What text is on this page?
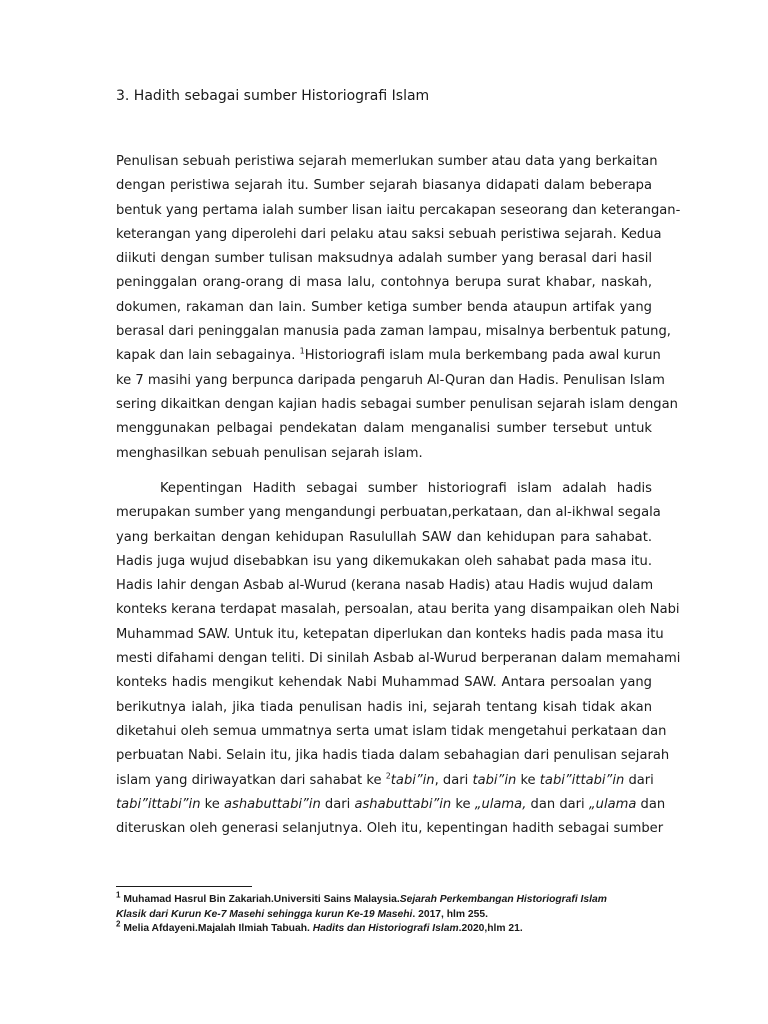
3. Hadith sebagai sumber Historiografi Islam
Penulisan sebuah peristiwa sejarah memerlukan sumber atau data yang berkaitan
dengan peristiwa sejarah itu. Sumber sejarah biasanya didapati dalam beberapa
bentuk yang pertama ialah sumber lisan iaitu percakapan seseorang dan keterangan-
keterangan yang diperolehi dari pelaku atau saksi sebuah peristiwa sejarah. Kedua
diikuti dengan sumber tulisan maksudnya adalah sumber yang berasal dari hasil
peninggalan orang-orang di masa lalu, contohnya berupa surat khabar, naskah,
dokumen, rakaman dan lain. Sumber ketiga sumber benda ataupun artifak yang
berasal dari peninggalan manusia pada zaman lampau, misalnya berbentuk patung,
kapak dan lain sebagainya. $^1$Historiografi islam mula berkembang pada awal kurun
ke 7 masihi yang berpunca daripada pengaruh Al-Quran dan Hadis. Penulisan Islam
sering dikaitkan dengan kajian hadis sebagai sumber penulisan sejarah islam dengan
menggunakan pelbagai pendekatan dalam menganalisi sumber tersebut untuk
menghasilkan sebuah penulisan sejarah islam.
Kepentingan Hadith sebagai sumber historiografi islam adalah hadis
merupakan sumber yang mengandungi perbuatan,perkataan, dan al-ikhwal segala
yang berkaitan dengan kehidupan Rasulullah SAW dan kehidupan para sahabat.
Hadis juga wujud disebabkan isu yang dikemukakan oleh sahabat pada masa itu.
Hadis lahir dengan Asbab al-Wurud (kerana nasab Hadis) atau Hadis wujud dalam
konteks kerana terdapat masalah, persoalan, atau berita yang disampaikan oleh Nabi
Muhammad SAW. Untuk itu, ketepatan diperlukan dan konteks hadis pada masa itu
mesti difahami dengan teliti. Di sinilah Asbab al-Wurud berperanan dalam memahami
konteks hadis mengikut kehendak Nabi Muhammad SAW. Antara persoalan yang
berikutnya ialah, jika tiada penulisan hadis ini, sejarah tentang kisah tidak akan
diketahui oleh semua ummatnya serta umat islam tidak mengetahui perkataan dan
perbuatan Nabi. Selain itu, jika hadis tiada dalam sebahagian dari penulisan sejarah
islam yang diriwayatkan dari sahabat ke $^2$tabi”in, dari tabi”in ke tabi”ittabi”in dari
tabi”ittabi”in ke ashabuttabi”in dari ashabuttabi”in ke „ulama, dan dari „ulama dan
diteruskan oleh generasi selanjutnya. Oleh itu, kepentingan hadith sebagai sumber
$^1$ Muhamad Hasrul Bin Zakariah.Universiti Sains Malaysia.Sejarah Perkembangan Historiografi Islam
Klasik dari Kurun Ke-7 Masehi sehingga kurun Ke-19 Masehi. 2017, hlm 255.
$^2$ Melia Afdayeni.Majalah Ilmiah Tabuah. Hadits dan Historiografi Islam.2020,hlm 21.
